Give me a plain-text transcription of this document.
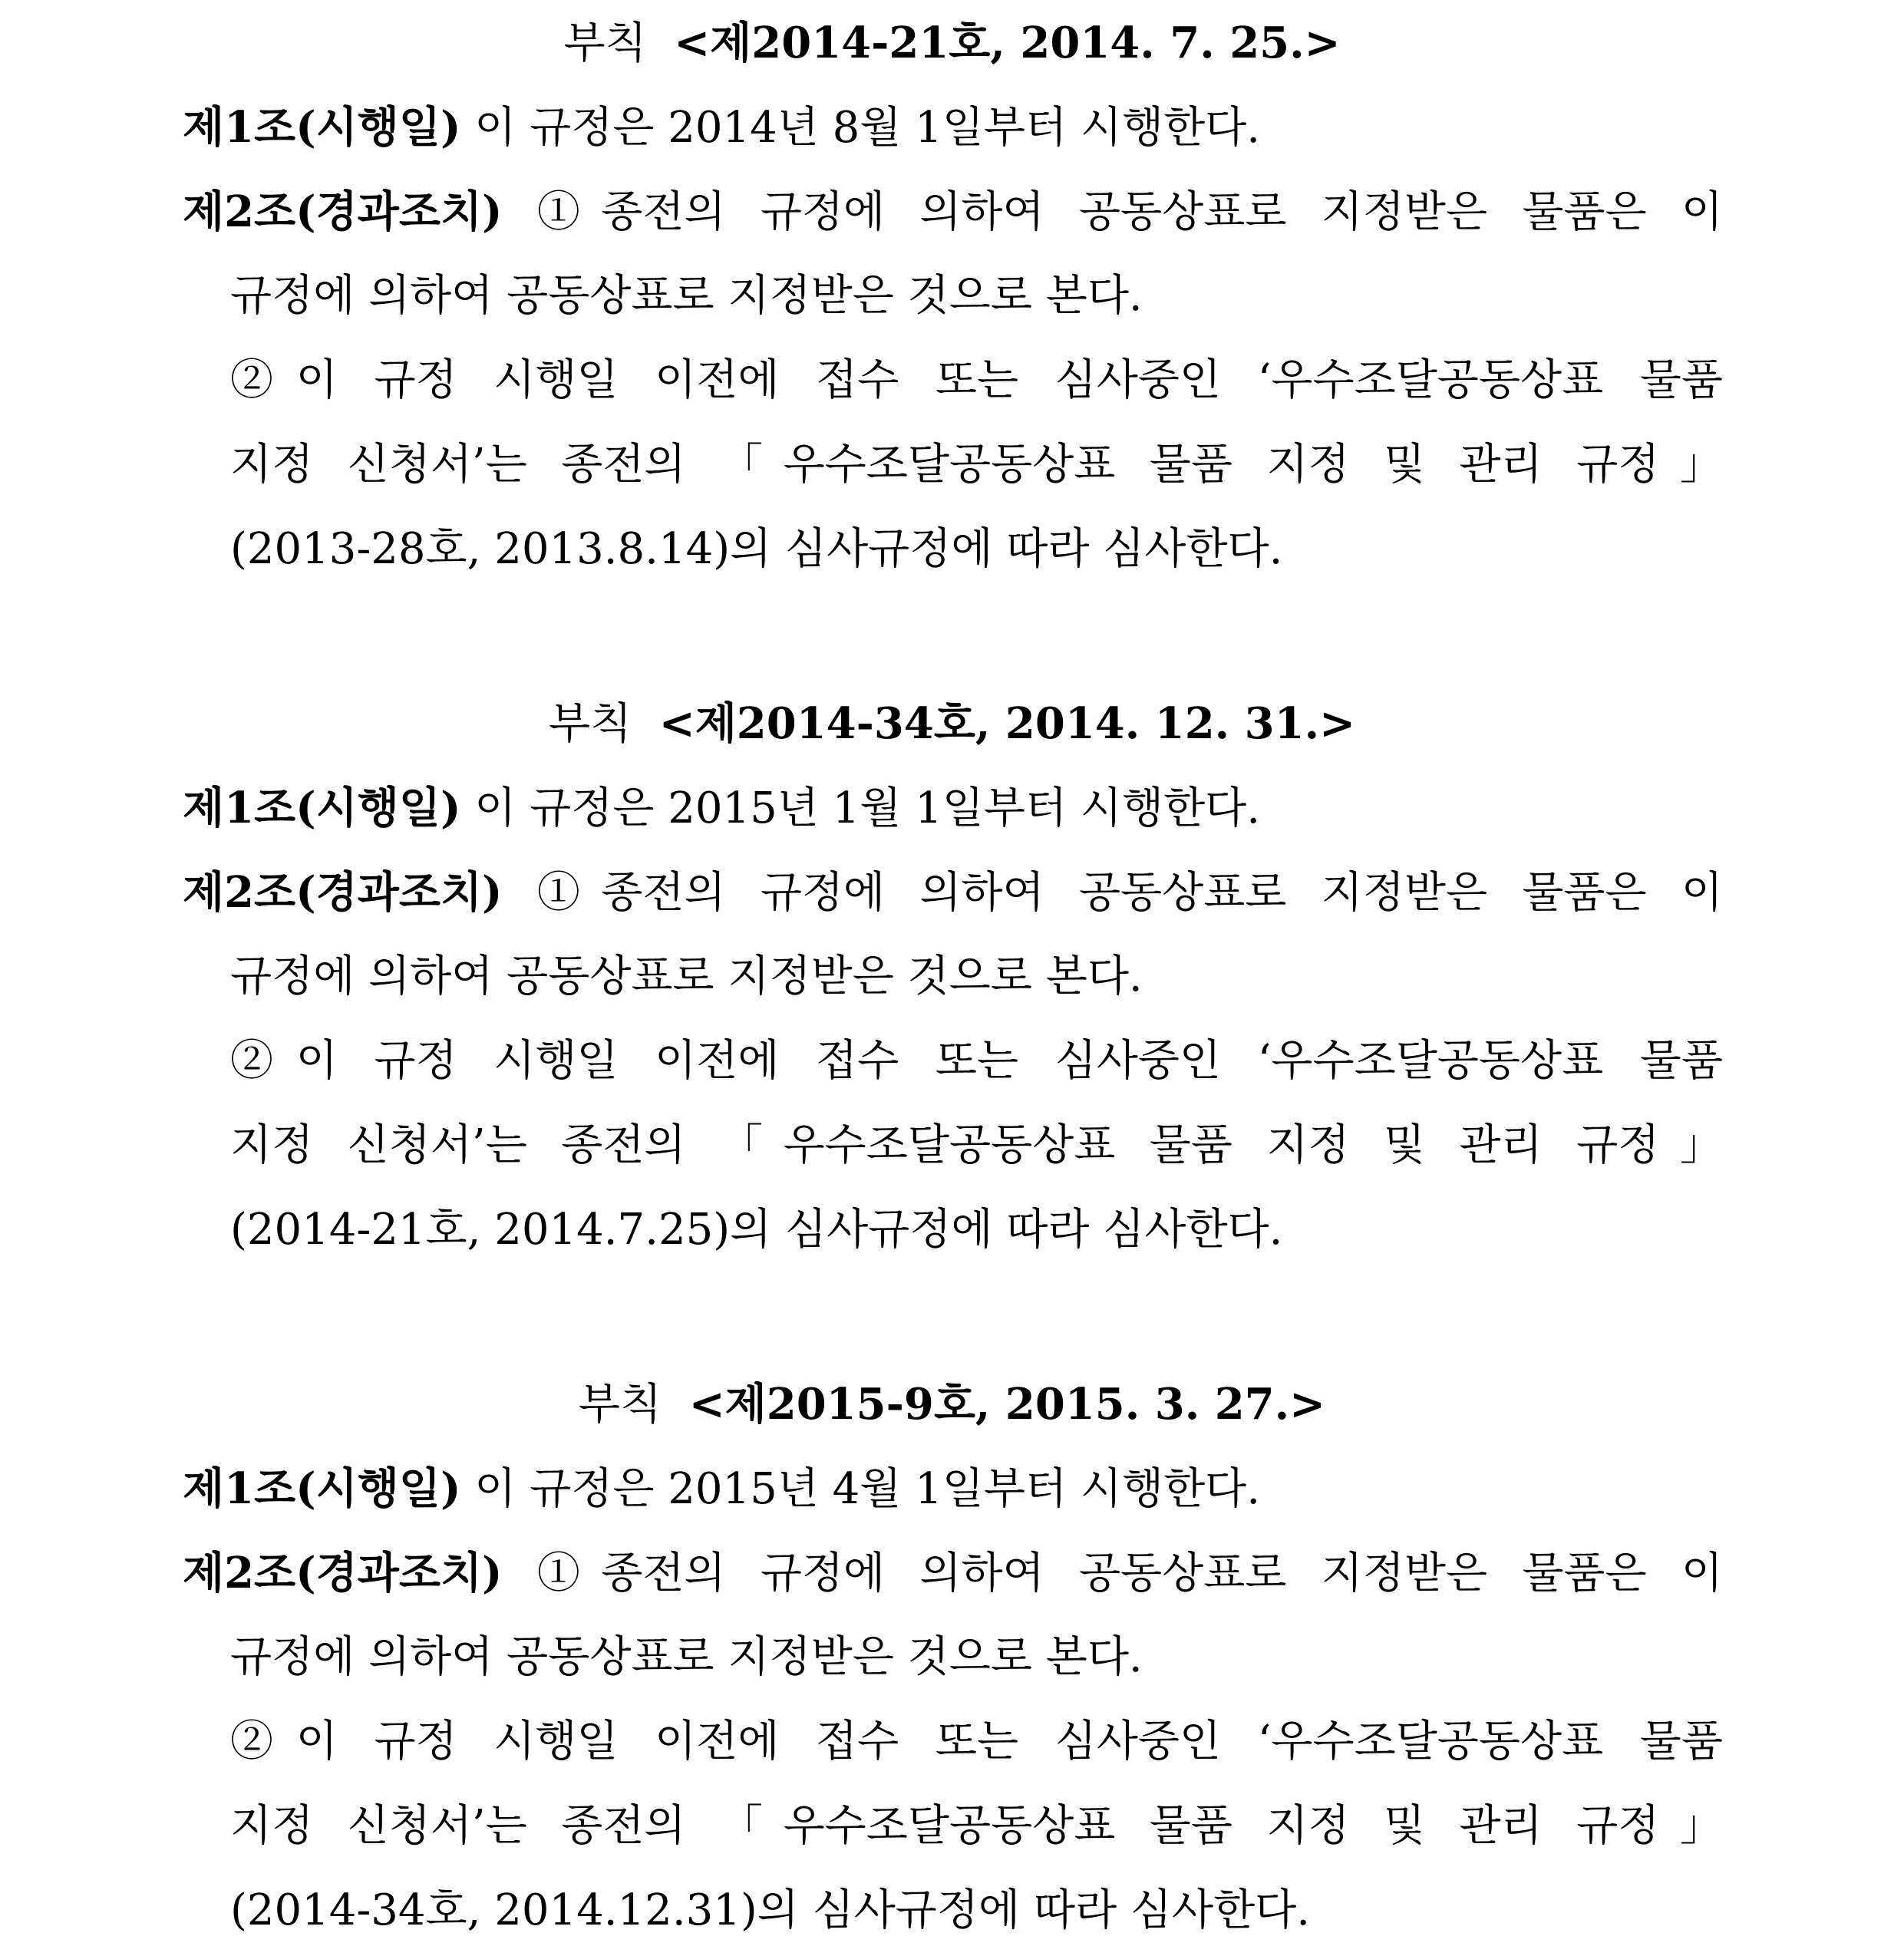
부칙 <제2014-21호, 2014. 7. 25.>
제1조(시행일) 이 규정은 2014년 8월 1일부터 시행한다.
제2조(경과조치) ①종전의 규정에 의하여 공동상표로 지정받은 물품은 이
규정에 의하여 공동상표로 지정받은 것으로 본다.
②이 규정 시행일 이전에 접수 또는 심사중인 ‘우수조달공동상표 물품
지정 신청서’는 종전의 「우수조달공동상표 물품 지정 및 관리 규정」
(2013-28호, 2013.8.14)의 심사규정에 따라 심사한다.
부칙 <제2014-34호, 2014. 12. 31.>
제1조(시행일) 이 규정은 2015년 1월 1일부터 시행한다.
제2조(경과조치) ①종전의 규정에 의하여 공동상표로 지정받은 물품은 이
규정에 의하여 공동상표로 지정받은 것으로 본다.
②이 규정 시행일 이전에 접수 또는 심사중인 ‘우수조달공동상표 물품
지정 신청서’는 종전의 「우수조달공동상표 물품 지정 및 관리 규정」
(2014-21호, 2014.7.25)의 심사규정에 따라 심사한다.
부칙 <제2015-9호, 2015. 3. 27.>
제1조(시행일) 이 규정은 2015년 4월 1일부터 시행한다.
제2조(경과조치) ①종전의 규정에 의하여 공동상표로 지정받은 물품은 이
규정에 의하여 공동상표로 지정받은 것으로 본다.
②이 규정 시행일 이전에 접수 또는 심사중인 ‘우수조달공동상표 물품
지정 신청서’는 종전의 「우수조달공동상표 물품 지정 및 관리 규정」
(2014-34호, 2014.12.31)의 심사규정에 따라 심사한다.
